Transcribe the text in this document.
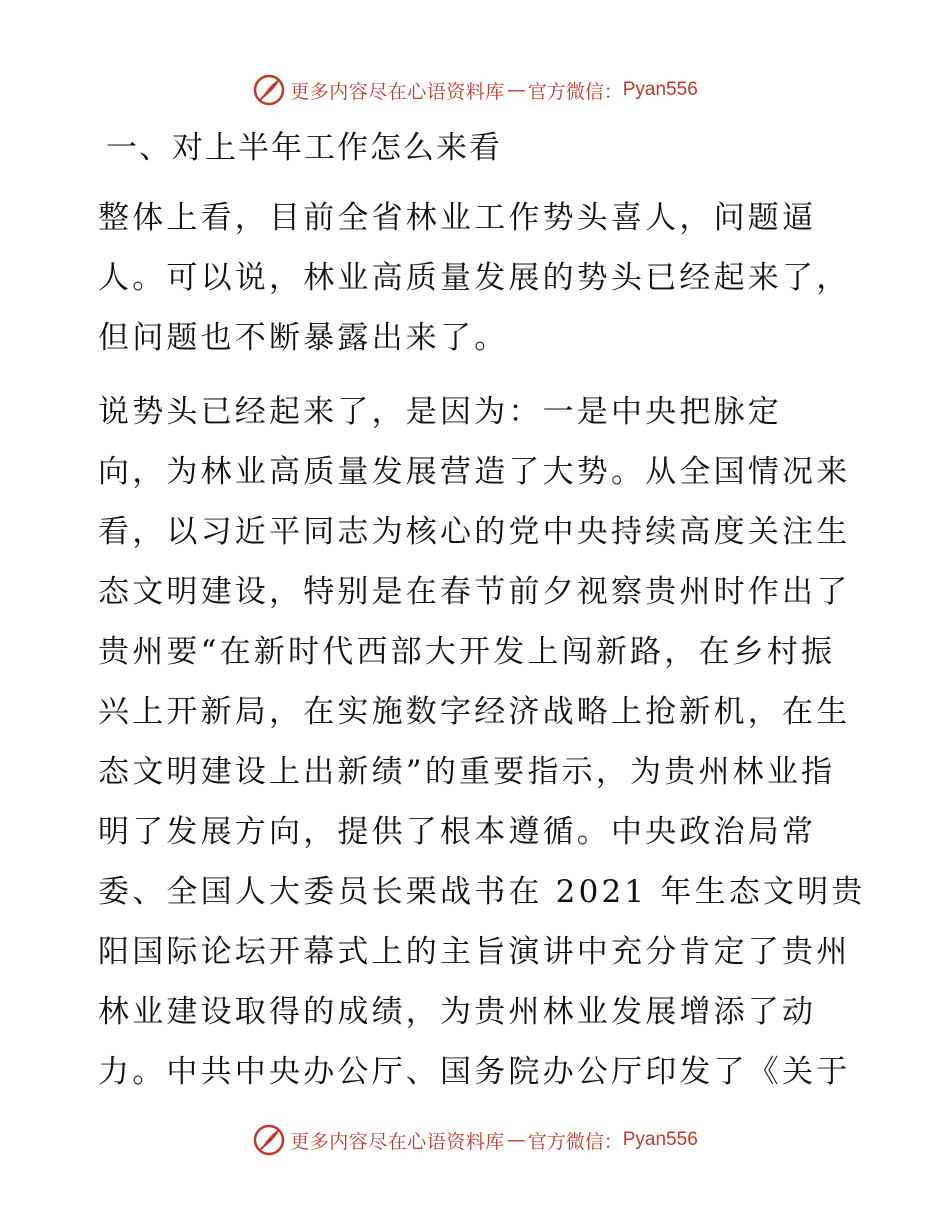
更多内容尽在心语资料库 — 官方微信： Pyan556
一、对上半年工作怎么来看
整体上看，目前全省林业工作势头喜人，问题逼
人。可以说，林业高质量发展的势头已经起来了，
但问题也不断暴露出来了。
说势头已经起来了，是因为：一是中央把脉定
向，为林业高质量发展营造了大势。从全国情况来
看，以习近平同志为核心的党中央持续高度关注生
态文明建设，特别是在春节前夕视察贵州时作出了
贵州要“在新时代西部大开发上闯新路，在乡村振
兴上开新局，在实施数字经济战略上抢新机，在生
态文明建设上出新绩”的重要指示，为贵州林业指
明了发展方向，提供了根本遵循。中央政治局常
委、全国人大委员长栗战书在 2021 年生态文明贵
阳国际论坛开幕式上的主旨演讲中充分肯定了贵州
林业建设取得的成绩，为贵州林业发展增添了动
力。中共中央办公厅、国务院办公厅印发了《关于
更多内容尽在心语资料库 — 官方微信： Pyan556
